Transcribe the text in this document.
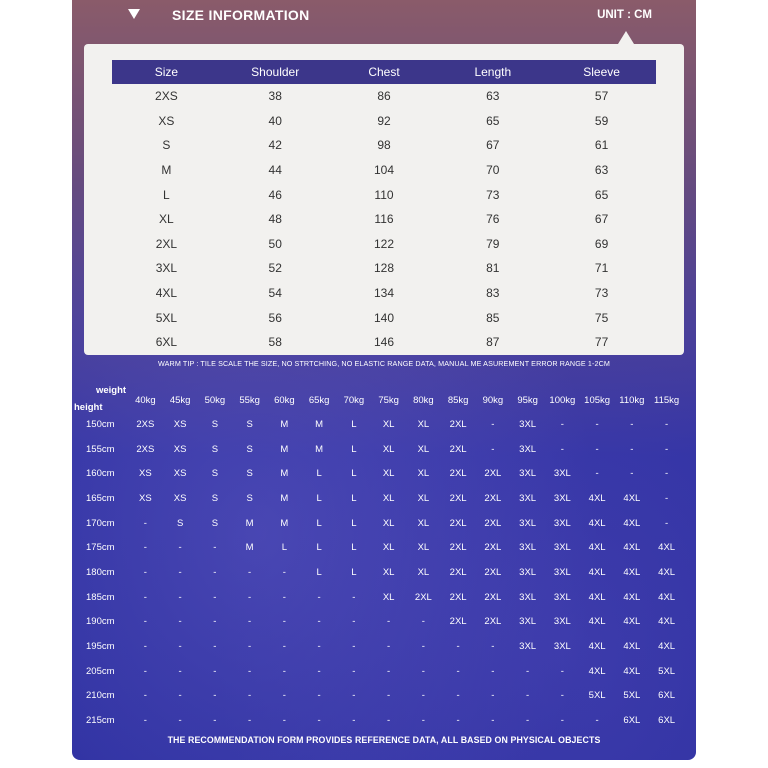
SIZE INFORMATION	UNIT : CM
Size	Shoulder	Chest	Length	Sleeve
2XS	38	86	63	57
XS	40	92	65	59
S	42	98	67	61
M	44	104	70	63
L	46	110	73	65
XL	48	116	76	67
2XL	50	122	79	69
3XL	52	128	81	71
4XL	54	134	83	73
5XL	56	140	85	75
6XL	58	146	87	77
WARM TIP : TILE SCALE THE SIZE, NO STRTCHING, NO ELASTIC RANGE DATA, MANUAL ME ASUREMENT ERROR RANGE 1-2CM
weight
height
40kg	45kg	50kg	55kg	60kg	65kg	70kg	75kg	80kg	85kg	90kg	95kg	100kg 105kg 110kg	115kg
150cm	2XS	XS	S	S	M	M	L	XL	XL	2XL	-	3XL	-	-	-	-
155cm	2XS	XS	S	S	M	M	L	XL	XL	2XL	-	3XL	-	-	-	-
160cm	XS	XS	S	S	M	L	L	XL	XL	2XL	2XL	3XL	3XL	-	-	-
165cm	XS	XS	S	S	M	L	L	XL	XL	2XL	2XL	3XL	3XL	4XL	4XL	-
170cm	-	S	S	M	M	L	L	XL	XL	2XL	2XL	3XL	3XL	4XL	4XL	-
175cm	-	-	-	M	L	L	L	XL	XL	2XL	2XL	3XL	3XL	4XL	4XL	4XL
180cm	-	-	-	-	-	L	L	XL	XL	2XL	2XL	3XL	3XL	4XL	4XL	4XL
185cm	-	-	-	-	-	-	-	XL	2XL	2XL	2XL	3XL	3XL	4XL	4XL	4XL
190cm	-	-	-	-	-	-	-	-	-	2XL	2XL	3XL	3XL	4XL	4XL	4XL
195cm	-	-	-	-	-	-	-	-	-	-	-	3XL	3XL	4XL	4XL	4XL
205cm	-	-	-	-	-	-	-	-	-	-	-	-	-	4XL	4XL	5XL
210cm	-	-	-	-	-	-	-	-	-	-	-	-	-	5XL	5XL	6XL
215cm	-	-	-	-	-	-	-	-	-	-	-	-	-	-	6XL	6XL
THE RECOMMENDATION FORM PROVIDES REFERENCE DATA, ALL BASED ON PHYSICAL OBJECTS
